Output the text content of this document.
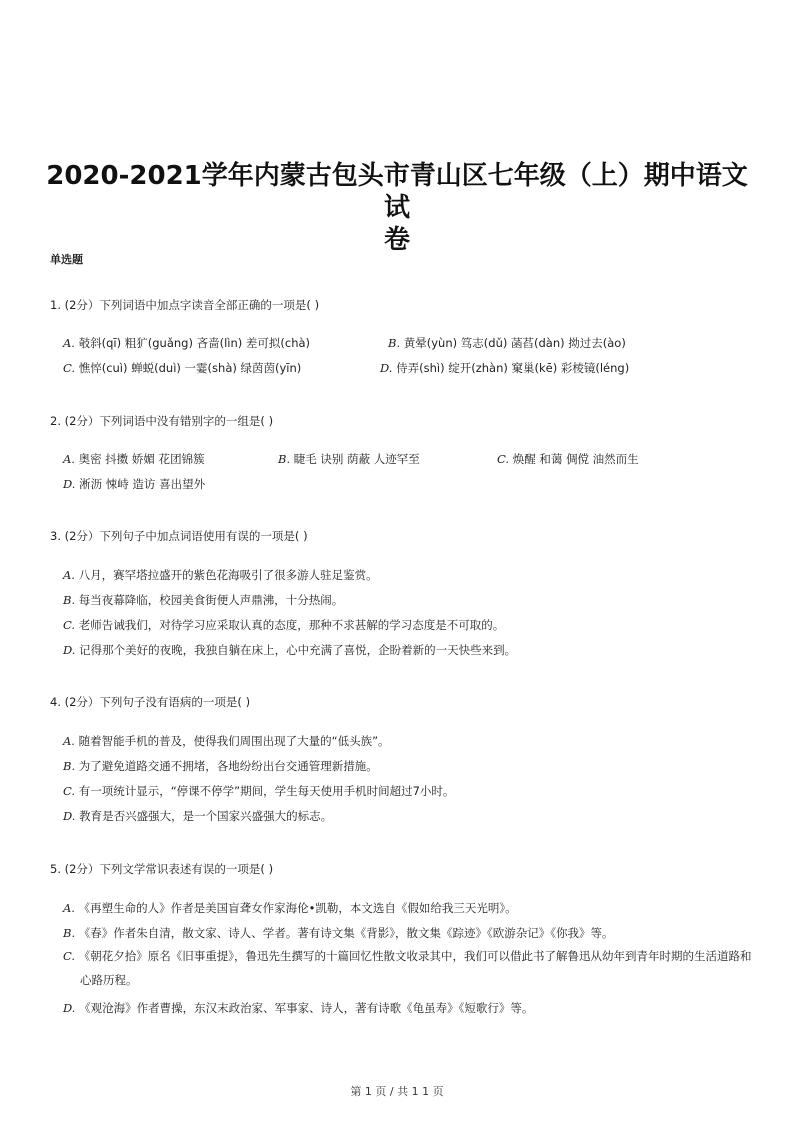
2020-2021学年内蒙古包头市青山区七年级（上）期中语文试
卷
单选题
1. (2分）下列词语中加点字读音全部正确的一项是( )
A. 攲斜(qī) 粗犷(guǎng) 吝啬(lìn) 差可拟(chà)	B. 黄晕(yùn) 笃志(dǔ) 菡萏(dàn) 拗过去(ào)
C. 憔悴(cuì) 蝉蜕(duì) 一霎(shà) 绿茵茵(yīn)	D. 侍弄(shì) 绽开(zhàn) 窠巢(kē) 彩棱镜(léng)
2. (2分）下列词语中没有错别字的一组是( )
A. 奥密 抖擞 娇媚 花团锦簇	B. 睫毛 诀别 荫蔽 人迹罕至	C. 焕醒 和蔼 倜傥 油然而生
D. 淅沥 悚峙 造访 喜出望外
3. (2分）下列句子中加点词语使用有误的一项是( )
A. 八月，赛罕塔拉盛开的紫色花海吸引了很多游人驻足鉴赏。
B. 每当夜幕降临，校园美食街便人声鼎沸，十分热闹。
C. 老师告诫我们，对待学习应采取认真的态度，那种不求甚解的学习态度是不可取的。
D. 记得那个美好的夜晚，我独自躺在床上，心中充满了喜悦，企盼着新的一天快些来到。
4. (2分）下列句子没有语病的一项是( )
A. 随着智能手机的普及，使得我们周围出现了大量的“低头族”。
B. 为了避免道路交通不拥堵，各地纷纷出台交通管理新措施。
C. 有一项统计显示，“停课不停学”期间，学生每天使用手机时间超过7小时。
D. 教育是否兴盛强大，是一个国家兴盛强大的标志。
5. (2分）下列文学常识表述有误的一项是( )
A. 《再塑生命的人》作者是美国盲聋女作家海伦•凯勒，本文选自《假如给我三天光明》。
B. 《春》作者朱自清，散文家、诗人、学者。著有诗文集《背影》，散文集《踪迹》《欧游杂记》《你我》等。
C. 《朝花夕拾》原名《旧事重提》，鲁迅先生撰写的十篇回忆性散文收录其中，我们可以借此书了解鲁迅从幼年到青年时期的生活道路和心路历程。
D. 《观沧海》作者曹操，东汉末政治家、军事家、诗人，著有诗歌《龟虽寿》《短歌行》等。
第 1 页 / 共 1 1 页
